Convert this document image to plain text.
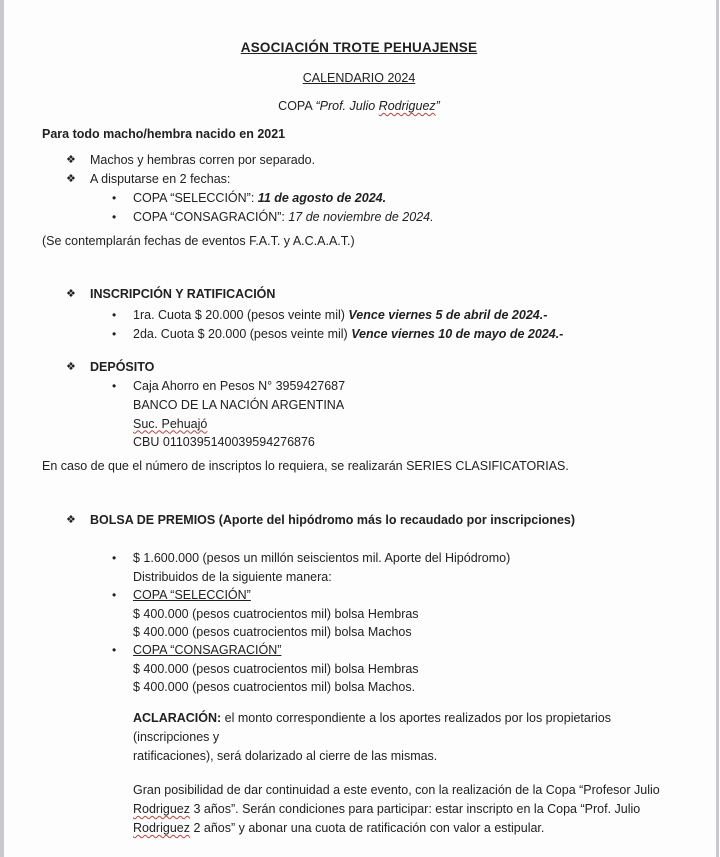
ASOCIACIÓN TROTE PEHUAJENSE
CALENDARIO 2024
COPA “Prof. Julio Rodriguez”
Para todo macho/hembra nacido en 2021
❖	Machos y hembras corren por separado.
❖	A disputarse en 2 fechas:
•	COPA “SELECCIÓN”: 11 de agosto de 2024.
•	COPA “CONSAGRACIÓN”: 17 de noviembre de 2024.
(Se contemplarán fechas de eventos F.A.T. y A.C.A.A.T.)
❖	INSCRIPCIÓN Y RATIFICACIÓN
•	1ra. Cuota $ 20.000 (pesos veinte mil) Vence viernes 5 de abril de 2024.-
•	2da. Cuota $ 20.000 (pesos veinte mil) Vence viernes 10 de mayo de 2024.-
❖	DEPÓSITO
•	Caja Ahorro en Pesos N° 3959427687
BANCO DE LA NACIÓN ARGENTINA
Suc. Pehuajó
CBU 0110395140039594276876
En caso de que el número de inscriptos lo requiera, se realizarán SERIES CLASIFICATORIAS.
❖	BOLSA DE PREMIOS (Aporte del hipódromo más lo recaudado por inscripciones)
•	$ 1.600.000 (pesos un millón seiscientos mil. Aporte del Hipódromo)
Distribuidos de la siguiente manera:
•	COPA “SELECCIÓN”
$ 400.000 (pesos cuatrocientos mil) bolsa Hembras
$ 400.000 (pesos cuatrocientos mil) bolsa Machos
•	COPA “CONSAGRACIÓN”
$ 400.000 (pesos cuatrocientos mil) bolsa Hembras
$ 400.000 (pesos cuatrocientos mil) bolsa Machos.
ACLARACIÓN: el monto correspondiente a los aportes realizados por los propietarios (inscripciones y
ratificaciones), será dolarizado al cierre de las mismas.
Gran posibilidad de dar continuidad a este evento, con la realización de la Copa “Profesor Julio
Rodriguez 3 años”. Serán condiciones para participar: estar inscripto en la Copa “Prof. Julio
Rodriguez 2 años” y abonar una cuota de ratificación con valor a estipular.
